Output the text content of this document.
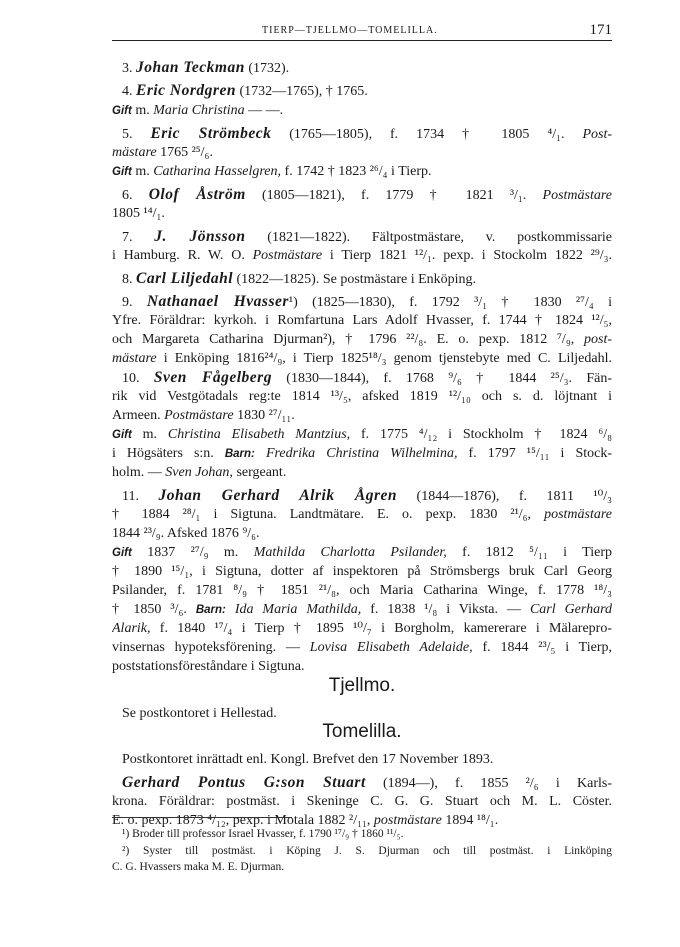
TIERP—TJELLMO—TOMELILLA.	171
3. Johan Teckman (1732).
4. Eric Nordgren (1732—1765), † 1765.
Gift m. Maria Christina — —.
5. Eric Strömbeck (1765—1805), f. 1734 † 1805 ⁴/₁. Post-
mästare 1765 ²⁵/₆.
Gift m. Catharina Hasselgren, f. 1742 † 1823 ²⁶/₄ i Tierp.
6. Olof Åström (1805—1821), f. 1779 † 1821 ³/₁. Postmästare
1805 ¹⁴/₁.
7. J. Jönsson (1821—1822). Fältpostmästare, v. postkommissarie
i Hamburg. R. W. O. Postmästare i Tierp 1821 ¹²/₁. pexp. i Stockolm 1822 ²⁹/₃.
8. Carl Liljedahl (1822—1825). Se postmästare i Enköping.
9. Nathanael Hvasser¹) (1825—1830), f. 1792 ³/₁ † 1830 ²⁷/₄ i
Yfre. Föräldrar: kyrkoh. i Romfartuna Lars Adolf Hvasser, f. 1744 † 1824 ¹²/₅,
och Margareta Catharina Djurman²), † 1796 ²²/₈. E. o. pexp. 1812 ⁷/₉, post-
mästare i Enköping 1816²⁴/₉, i Tierp 1825¹⁸/₃ genom tjenstebyte med C. Liljedahl.
10. Sven Fågelberg (1830—1844), f. 1768 ⁹/₆ † 1844 ²⁵/₃. Fän-
rik vid Vestgötadals reg:te 1814 ¹³/₅, afsked 1819 ¹²/₁₀ och s. d. löjtnant i
Armeen. Postmästare 1830 ²⁷/₁₁.
Gift m. Christina Elisabeth Mantzius, f. 1775 ⁴/₁₂ i Stockholm † 1824 ⁶/₈
i Högsäters s:n. Barn: Fredrika Christina Wilhelmina, f. 1797 ¹⁵/₁₁ i Stock-
holm. — Sven Johan, sergeant.
11. Johan Gerhard Alrik Ågren (1844—1876), f. 1811 ¹⁰/₃
† 1884 ²⁸/₁ i Sigtuna. Landtmätare. E. o. pexp. 1830 ²¹/₆, postmästare
1844 ²³/₉. Afsked 1876 ⁹/₆.
Gift 1837 ²⁷/₉ m. Mathilda Charlotta Psilander, f. 1812 ⁵/₁₁ i Tierp
† 1890 ¹⁵/₁, i Sigtuna, dotter af inspektoren på Strömsbergs bruk Carl Georg
Psilander, f. 1781 ⁸/₉ † 1851 ²¹/₈, och Maria Catharina Winge, f. 1778 ¹⁸/₃
† 1850 ³/₆. Barn: Ida Maria Mathilda, f. 1838 ¹/₈ i Viksta. — Carl Gerhard
Alarik, f. 1840 ¹⁷/₄ i Tierp † 1895 ¹⁰/₇ i Borgholm, kamererare i Mälarepro-
vinsernas hypoteksförening. — Lovisa Elisabeth Adelaide, f. 1844 ²³/₅ i Tierp,
poststationsföreståndare i Sigtuna.
Se postkontoret i Hellestad.
Postkontoret inrättadt enl. Kongl. Brefvet den 17 November 1893.
Gerhard Pontus G:son Stuart (1894—), f. 1855 ²/₆ i Karls-
krona. Föräldrar: postmäst. i Skeninge C. G. G. Stuart och M. L. Cöster.
E. o. pexp. 1873 ⁴/₁₂, pexp. i Motala 1882 ²/₁₁, postmästare 1894 ¹⁸/₁.
Tjellmo.
Tomelilla.
¹) Broder till professor Israel Hvasser, f. 1790 ¹⁷/₉ † 1860 ¹¹/₅.
²) Syster till postmäst. i Köping J. S. Djurman och till postmäst. i Linköping
C. G. Hvassers maka M. E. Djurman.
